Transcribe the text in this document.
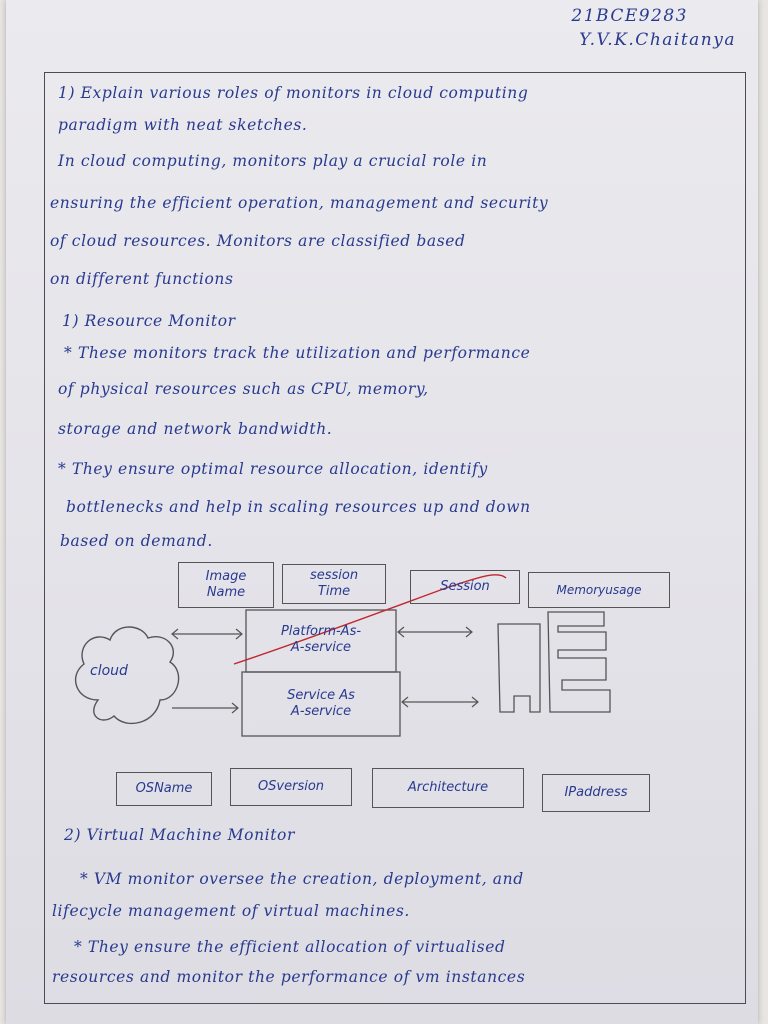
21BCE9283
Y.V.K.Chaitanya
1) Explain various roles of monitors in cloud computing
paradigm with neat sketches.
In cloud computing, monitors play a crucial role in
ensuring the efficient operation, management and security
of cloud resources. Monitors are classified based
on different functions
1) Resource Monitor
* These monitors track the utilization and performance
of physical resources such as CPU, memory,
storage and network bandwidth.
* They ensure optimal resource allocation, identify
bottlenecks and help in scaling resources up and down
based on demand.
Image
Name
session
Time	Session	Memoryusage
Platform-As-
A-service
Service As
A-service
cloud
OSName	OSversion	Architecture	IPaddress
2) Virtual Machine Monitor
* VM monitor oversee the creation, deployment, and
lifecycle management of virtual machines.
* They ensure the efficient allocation of virtualised
resources and monitor the performance of vm instances
